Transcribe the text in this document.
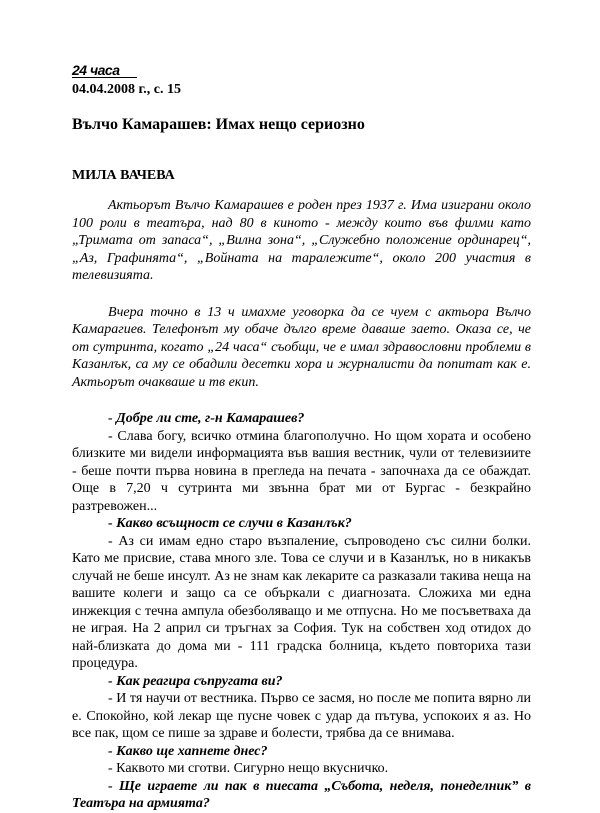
24 часа
04.04.2008 г., с. 15
Вълчо Камарашев: Имах нещо сериозно
МИЛА ВАЧЕВА

Актьорът Вълчо Камарашев е роден през 1937 г. Има изиграни около 100 роли в театъра, над 80 в киното - между които във филми като „Тримата от запаса“, „Вилна зона“, „Служебно положение ординарец“, „Аз, Графинята“, „Войната на таралежите“, около 200 участия в телевизията.

Вчера точно в 13 ч имахме уговорка да се чуем с актьора Вълчо Камарагиев. Телефонът му обаче дълго време даваше заето. Оказа се, че от сутринта, когато „24 часа“ съобщи, че е имал здравословни проблеми в Казанлък, са му се обадили десетки хора и журналисти да попитат как е. Актьорът очакваше и тв екип.

- Добре ли сте, г-н Камарашев?

- Слава богу, всичко отмина благополучно. Но щом хората и особено близките ми видели информацията във вашия вестник, чули от телевизиите - беше почти първа новина в прегледа на печата - започнаха да се обаждат. Още в 7,20 ч сутринта ми звънна брат ми от Бургас - безкрайно разтревожен...

- Какво всъщност се случи в Казанлък?

- Аз си имам едно старо възпаление, съпроводено със силни болки. Като ме присвие, става много зле. Това се случи и в Казанлък, но в никакъв случай не беше инсулт. Аз не знам как лекарите са разказали такива неща на вашите колеги и защо са се объркали с диагнозата. Сложиха ми една инжекция с течна ампула обезболяващо и ме отпусна. Но ме посъветваха да не играя. На 2 април си тръгнах за София. Тук на собствен ход отидох до най-близката до дома ми - 111 градска болница, където повториха тази процедура.

- Как реагира съпругата ви?

- И тя научи от вестника. Първо се засмя, но после ме попита вярно ли е. Спокойно, кой лекар ще пусне човек с удар да пътува, успокоих я аз. Но все пак, щом се пише за здраве и болести, трябва да се внимава.

- Какво ще хапнете днес?

- Каквото ми сготви. Сигурно нещо вкусничко.

- Ще играете ли пак в пиесата „Събота, неделя, понеделник” в Театъра на армията?
